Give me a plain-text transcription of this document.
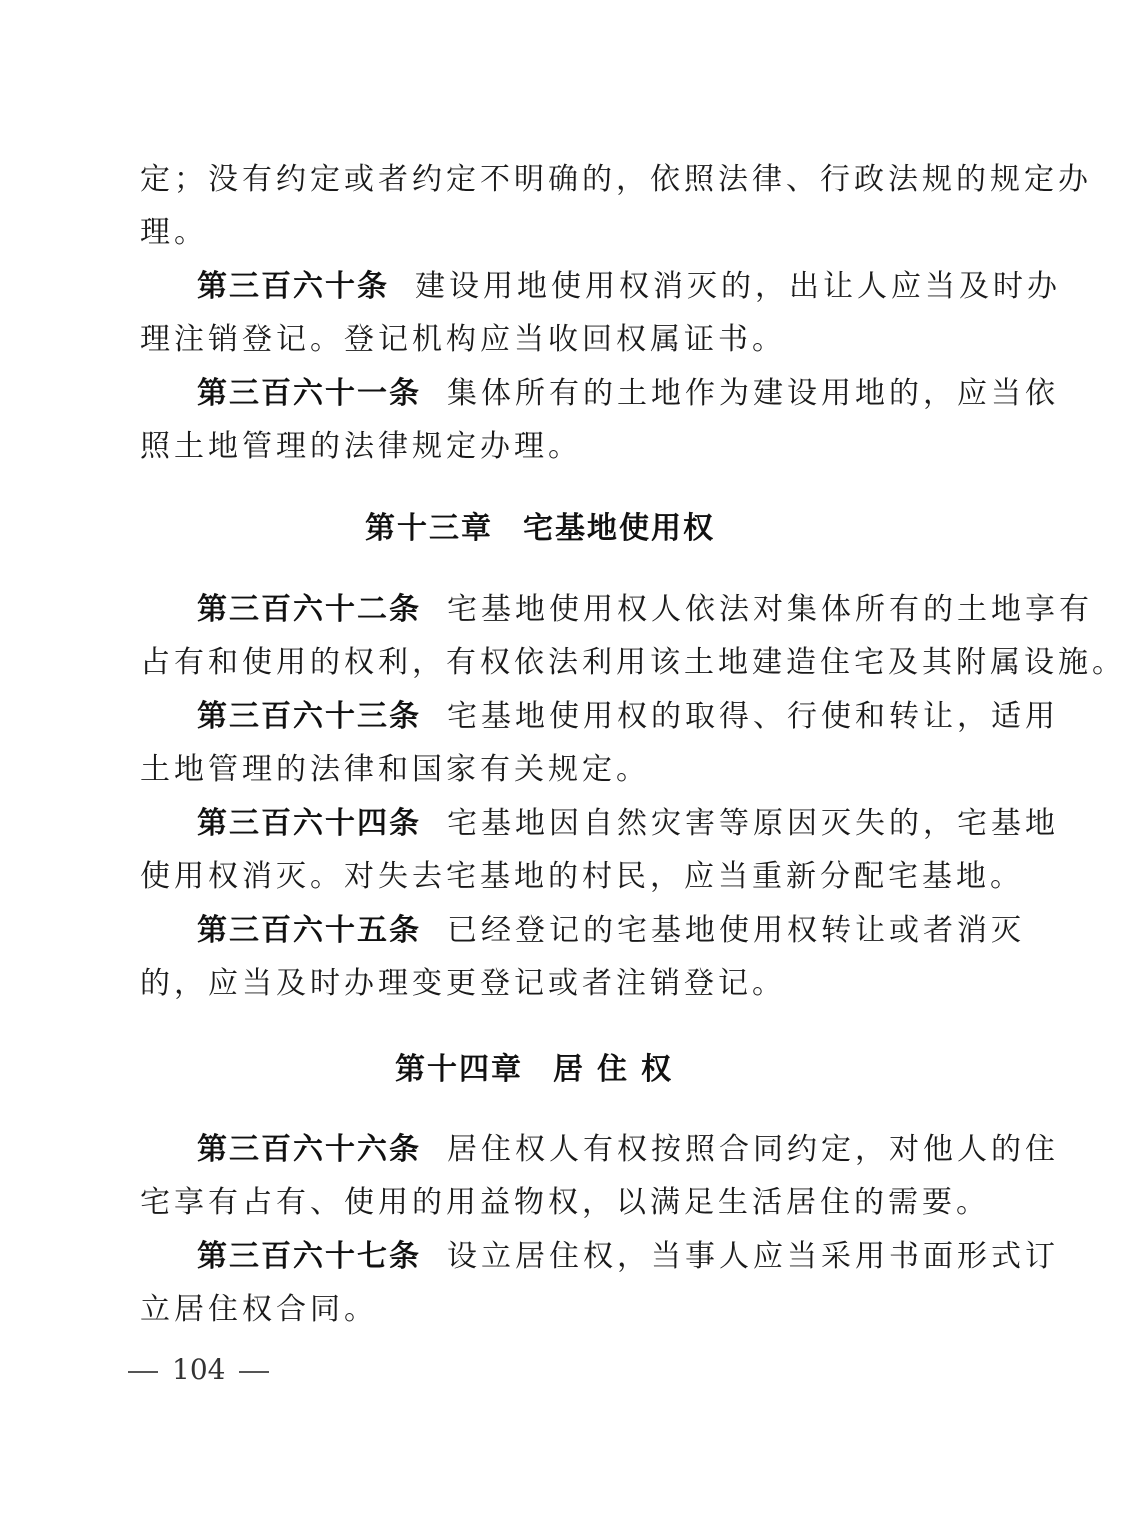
定；没有约定或者约定不明确的，依照法律、行政法规的规定办
理。
第三百六十条 建设用地使用权消灭的，出让人应当及时办
理注销登记。登记机构应当收回权属证书。
第三百六十一条 集体所有的土地作为建设用地的，应当依
照土地管理的法律规定办理。
第十三章 宅基地使用权
第三百六十二条 宅基地使用权人依法对集体所有的土地享有
占有和使用的权利，有权依法利用该土地建造住宅及其附属设施。
第三百六十三条 宅基地使用权的取得、行使和转让，适用
土地管理的法律和国家有关规定。
第三百六十四条 宅基地因自然灾害等原因灭失的，宅基地
使用权消灭。对失去宅基地的村民，应当重新分配宅基地。
第三百六十五条 已经登记的宅基地使用权转让或者消灭
的，应当及时办理变更登记或者注销登记。
第十四章 居住权
第三百六十六条 居住权人有权按照合同约定，对他人的住
宅享有占有、使用的用益物权，以满足生活居住的需要。
第三百六十七条 设立居住权，当事人应当采用书面形式订
立居住权合同。
104
